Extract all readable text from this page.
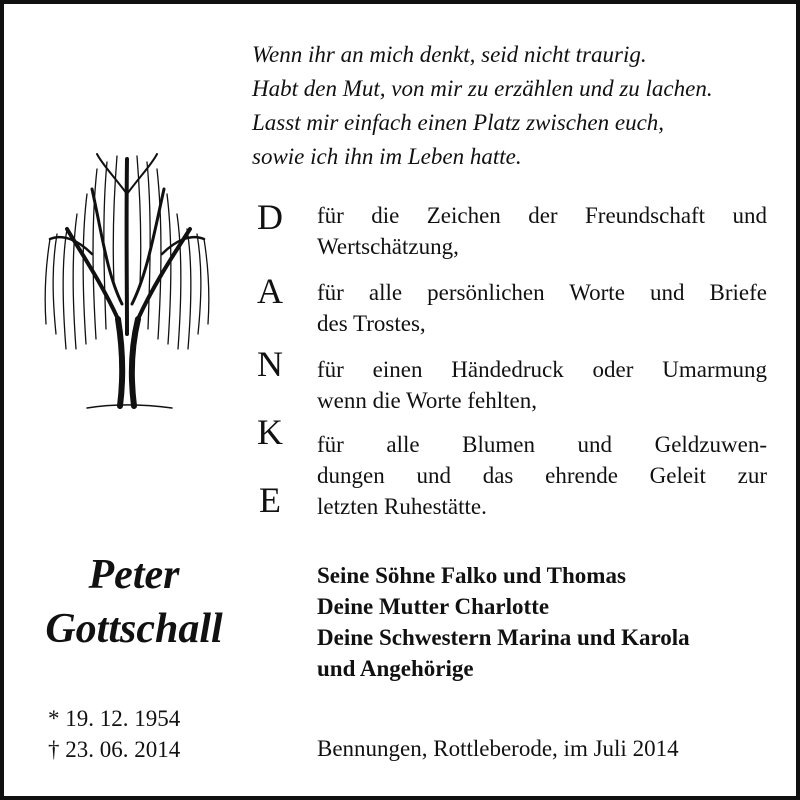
Wenn ihr an mich denkt, seid nicht traurig.
Habt den Mut, von mir zu erzählen und zu lachen.
Lasst mir einfach einen Platz zwischen euch,
sowie ich ihn im Leben hatte.
D
A
N
K
E
für die Zeichen der Freundschaft und
Wertschätzung,
für alle persönlichen Worte und Briefe
des Trostes,
für einen Händedruck oder Umarmung
wenn die Worte fehlten,
für alle Blumen und Geldzuwen-
dungen und das ehrende Geleit zur
letzten Ruhestätte.
Peter
Gottschall
* 19. 12. 1954
† 23. 06. 2014
Seine Söhne Falko und Thomas
Deine Mutter Charlotte
Deine Schwestern Marina und Karola
und Angehörige
Bennungen, Rottleberode, im Juli 2014
